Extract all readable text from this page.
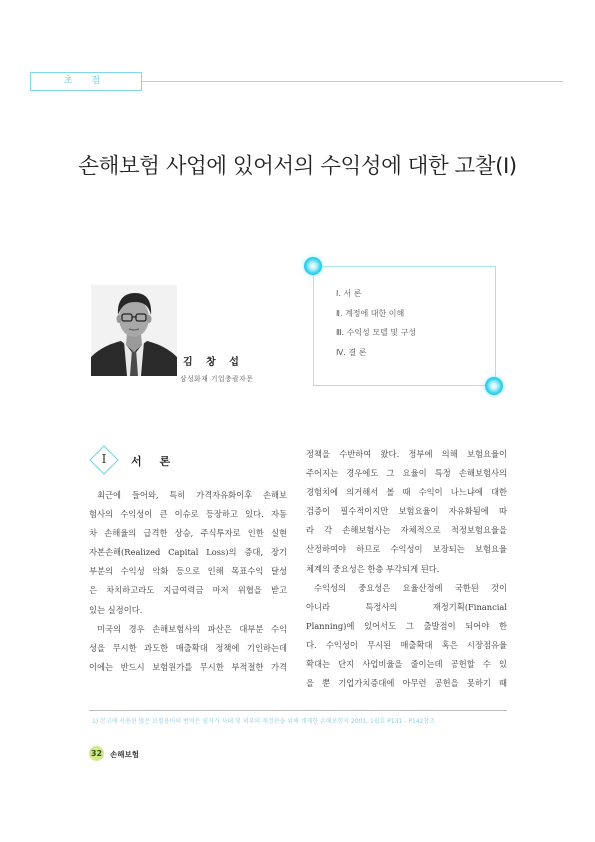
초 점
손해보험 사업에 있어서의 수익성에 대한 고찰(Ⅰ)
Ⅰ. 서 론
Ⅱ. 계정에 대한 이해
Ⅲ. 수익성 모델 및 구성
Ⅳ. 결 론
김 창 섭
삼성화재 기업충괄자문
Ⅰ	서 론

최근에 들어와, 특히 가격자유화이후 손해보

험사의 수익성이 큰 이슈로 등장하고 있다. 자동

차 손해율의 급격한 상승, 주식투자로 인한 실현

자본손해(Realized Capital Loss)의 증대, 장기

부분의 수익성 악화 등으로 인해 목표수익 달성

은 차치하고라도 지급여력금 마저 위협을 받고

있는 실정이다.

미국의 경우 손해보험사의 파산은 대부분 수익

성을 무시한 과도한 매출확대 정책에 기인하는데

이에는 반드시 보험원가를 무시한 부적절한 가격

정책을 수반하여 왔다. 정부에 의해 보험요율이

주어지는 경우에도 그 요율이 특정 손해보험사의

경험치에 의거해서 볼 때 수익이 나느냐에 대한

검증이 필수적이지만 보험요율이 자유화됨에 따

라 각 손해보험사는 자체적으로 적정보험요율을

산정하여야 하므로 수익성이 보장되는 보험요율

체계의 중요성은 한층 부각되게 된다.

수익성의 중요성은 요율산정에 국한된 것이

아니라 특정사의 재정기획(Financial

Planning)에 있어서도 그 출발점이 되어야 한

다. 수익성이 무시된 매출확대 혹은 시장점유율

확대는 단지 사업비율을 줄이는데 공헌할 수 있

을 뿐 기업가치증대에 아무런 공헌을 못하기 때

1) 본고에 사용된 많은 보험용어의 번역은 필자가 사내 및 외부의 재정관을 위해 개재한 손해보험지 2001. 1월호 P131 - P142참조
32 손해보험
